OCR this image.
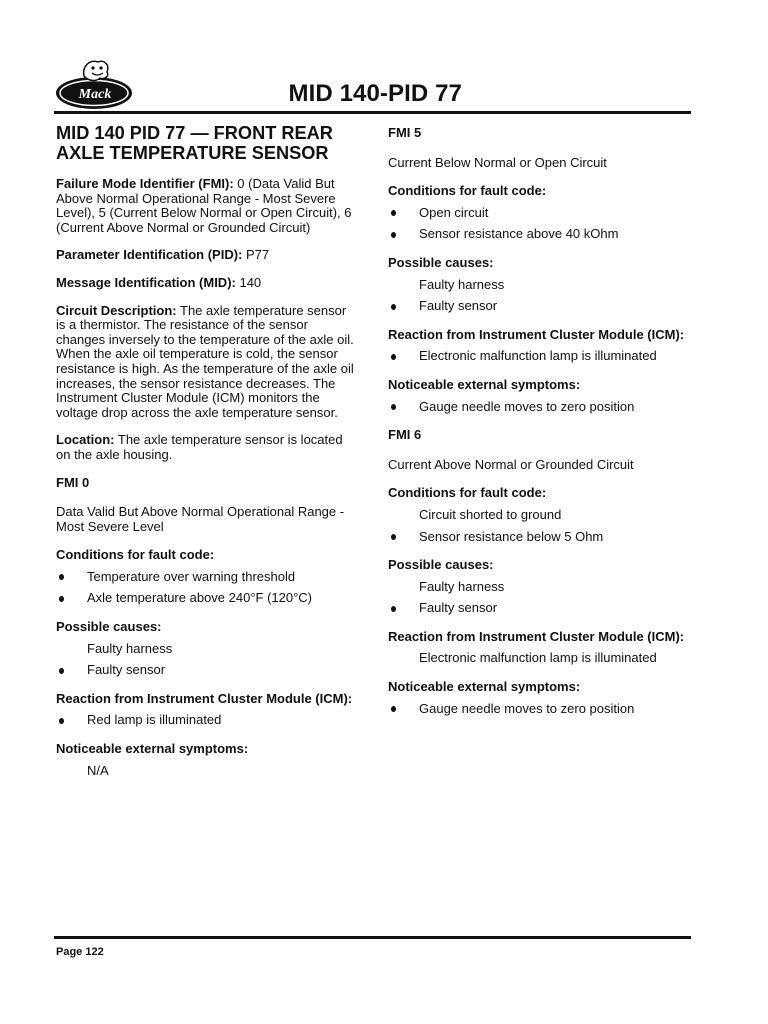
Mack	MID 140-PID 77
MID 140 PID 77 — FRONT REAR AXLE TEMPERATURE SENSOR

Failure Mode Identifier (FMI): 0 (Data Valid But Above Normal Operational Range - Most Severe Level), 5 (Current Below Normal or Open Circuit), 6 (Current Above Normal or Grounded Circuit)

Parameter Identification (PID): P77

Message Identification (MID): 140

Circuit Description: The axle temperature sensor is a thermistor. The resistance of the sensor changes inversely to the temperature of the axle oil. When the axle oil temperature is cold, the sensor resistance is high. As the temperature of the axle oil increases, the sensor resistance decreases. The Instrument Cluster Module (ICM) monitors the voltage drop across the axle temperature sensor.

Location: The axle temperature sensor is located on the axle housing.

FMI 0
Data Valid But Above Normal Operational Range - Most Severe Level
Conditions for fault code:
Temperature over warning threshold
Axle temperature above 240°F (120°C)
Possible causes:
Faulty harness
Faulty sensor
Reaction from Instrument Cluster Module (ICM):
Red lamp is illuminated
Noticeable external symptoms:
N/A
FMI 5
Current Below Normal or Open Circuit
Conditions for fault code:
Open circuit
Sensor resistance above 40 kOhm
Possible causes:
Faulty harness
Faulty sensor
Reaction from Instrument Cluster Module (ICM):
Electronic malfunction lamp is illuminated
Noticeable external symptoms:
Gauge needle moves to zero position
FMI 6
Current Above Normal or Grounded Circuit
Conditions for fault code:
Circuit shorted to ground
Sensor resistance below 5 Ohm
Possible causes:
Faulty harness
Faulty sensor
Reaction from Instrument Cluster Module (ICM):
Electronic malfunction lamp is illuminated
Noticeable external symptoms:
Gauge needle moves to zero position
Page 122
